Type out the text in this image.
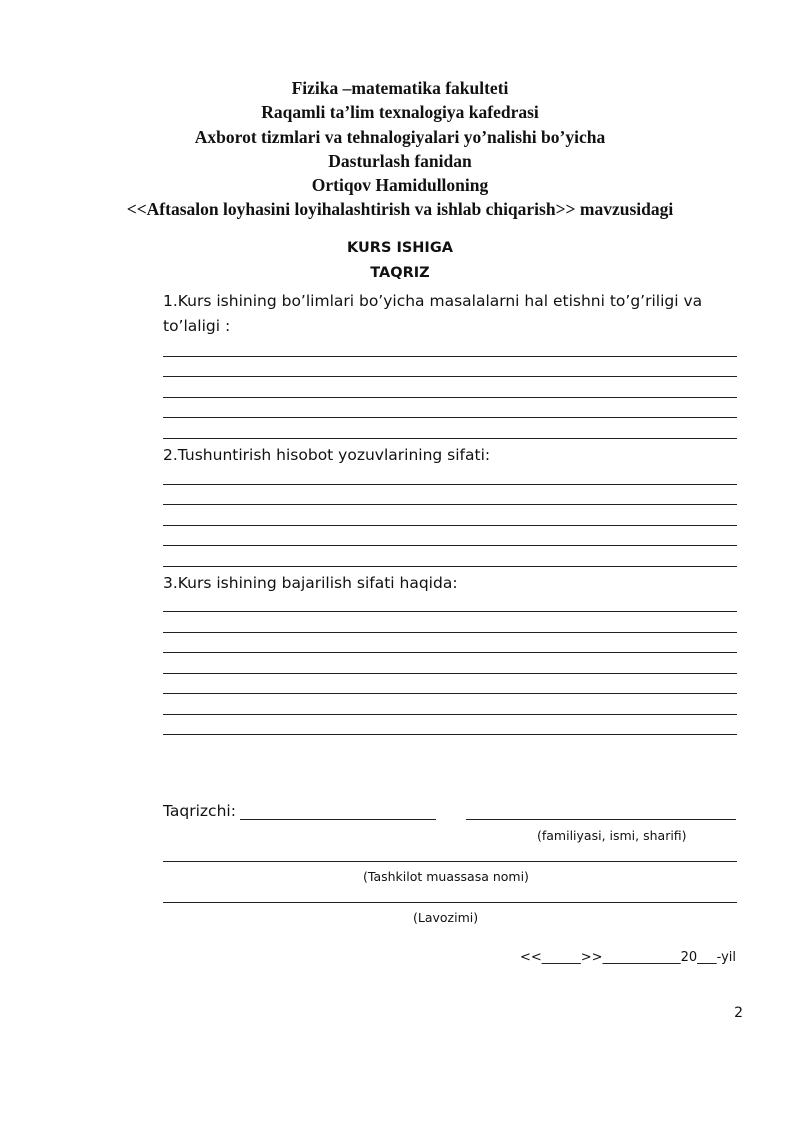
Fizika –matematika fakulteti
Raqamli ta’lim texnalogiya kafedrasi
Axborot tizmlari va tehnalogiyalari yo’nalishi bo’yicha
Dasturlash fanidan
Ortiqov Hamidulloning
<<Aftasalon loyhasini loyihalashtirish va ishlab chiqarish>> mavzusidagi
KURS ISHIGA
TAQRIZ
1.Kurs ishining bo’limlari bo’yicha masalalarni hal etishni to’g’riligi va to’laligi :
2.Tushuntirish hisobot yozuvlarining sifati:
3.Kurs ishining bajarilish sifati haqida:
Taqrizchi:
(familiyasi, ismi, sharifi)
(Tashkilot muassasa nomi)
(Lavozimi)
<<______>>____________20___-yil
2
